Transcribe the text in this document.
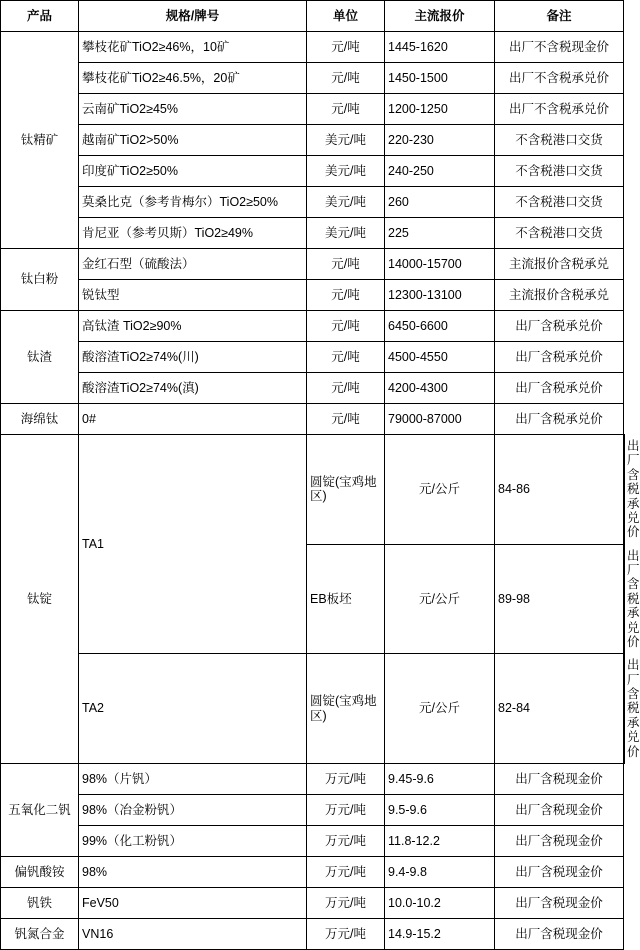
产品	规格/牌号	单位	主流报价	备注	
钛精矿	攀枝花矿TiO2≥46%，10矿	元/吨	1445-1620	出厂不含税现金价	
	攀枝花矿TiO2≥46.5%，20矿	元/吨	1450-1500	出厂不含税承兑价	
	云南矿TiO2≥45%	元/吨	1200-1250	出厂不含税承兑价	
	越南矿TiO2>50%	美元/吨	220-230	不含税港口交货	
	印度矿TiO2≥50%	美元/吨	240-250	不含税港口交货	
	莫桑比克（参考肯梅尔）TiO2≥50%	美元/吨	260	不含税港口交货	
	肯尼亚（参考贝斯）TiO2≥49%	美元/吨	225	不含税港口交货	
钛白粉	金红石型（硫酸法）	元/吨	14000-15700	主流报价含税承兑	
	锐钛型	元/吨	12300-13100	主流报价含税承兑	
钛渣	高钛渣 TiO2≥90%	元/吨	6450-6600	出厂含税承兑价	
	酸溶渣TiO2≥74%(川)	元/吨	4500-4550	出厂含税承兑价	
	酸溶渣TiO2≥74%(滇)	元/吨	4200-4300	出厂含税承兑价	
海绵钛	0#	元/吨	79000-87000	出厂含税承兑价	
钛锭	TA1	圆锭(宝鸡地区)	元/公斤	84-86	出厂含税承兑价
		EB板坯	元/公斤	89-98	出厂含税承兑价
	TA2	圆锭(宝鸡地区)	元/公斤	82-84	出厂含税承兑价
五氧化二钒	98%（片钒）	万元/吨	9.45-9.6	出厂含税现金价	
	98%（冶金粉钒）	万元/吨	9.5-9.6	出厂含税现金价	
	99%（化工粉钒）	万元/吨	11.8-12.2	出厂含税现金价	
偏钒酸铵	98%	万元/吨	9.4-9.8	出厂含税现金价	
钒铁	FeV50	万元/吨	10.0-10.2	出厂含税现金价	
钒氮合金	VN16	万元/吨	14.9-15.2	出厂含税现金价	
